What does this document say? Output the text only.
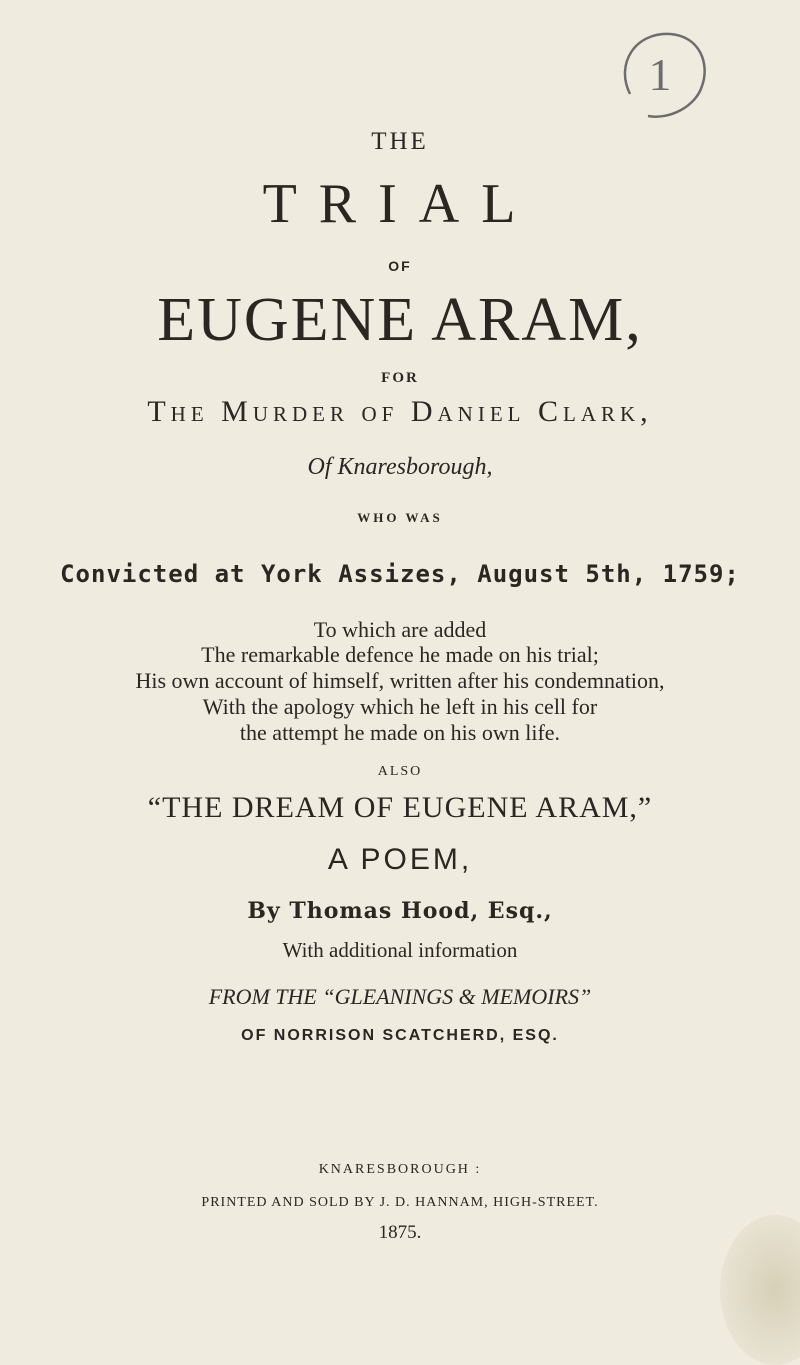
1
THE
TRIAL
OF
EUGENE ARAM,
FOR
The Murder of Daniel Clark,
Of Knaresborough,
WHO WAS
Convicted at York Assizes, August 5th, 1759;
To which are added
The remarkable defence he made on his trial;
His own account of himself, written after his condemnation,
With the apology which he left in his cell for
the attempt he made on his own life.
ALSO
“THE DREAM OF EUGENE ARAM,”
A POEM,
By Thomas Hood, Esq.,
With additional information
FROM THE “GLEANINGS & MEMOIRS”
OF NORRISON SCATCHERD, ESQ.
KNARESBOROUGH :
PRINTED AND SOLD BY J. D. HANNAM, HIGH-STREET.
1875.
